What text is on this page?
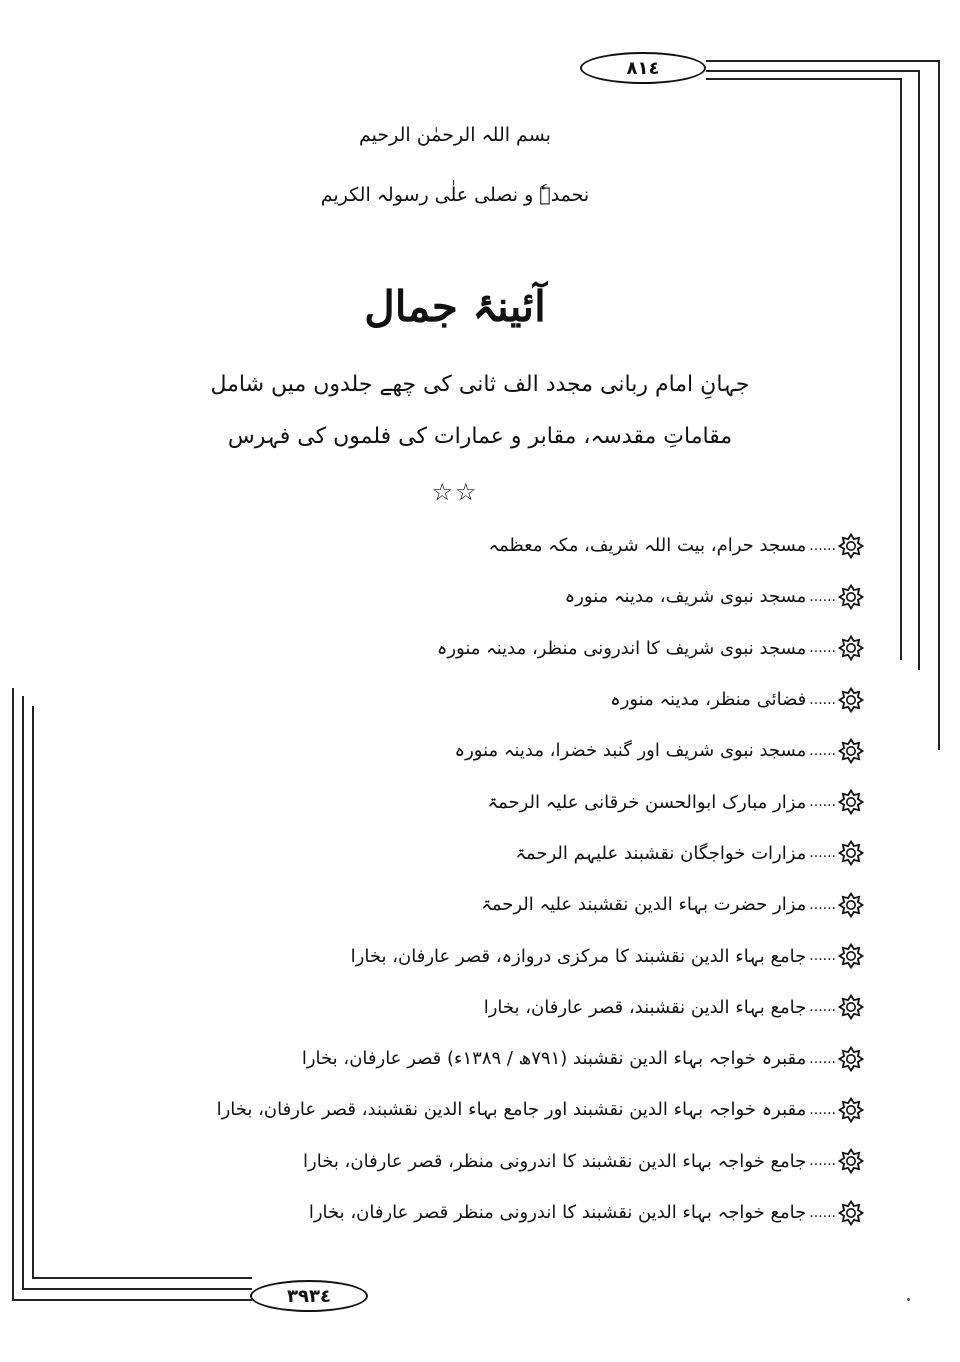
٨١٤
٣٩٣٤
بسم اللہ الرحمٰن الرحیم
نحمدہٗ و نصلی علٰی رسولہ الکریم
آئینۂ جمال
جہانِ امام ربانی مجدد الف ثانی کی چھے جلدوں میں شامل
مقاماتِ مقدسہ، مقابر و عمارات کی فلموں کی فہرس
☆☆
......
مسجد حرام، بیت اللہ شریف، مکہ معظمہ
......
مسجد نبوی شریف، مدینہ منورہ
......
مسجد نبوی شریف کا اندرونی منظر، مدینہ منورہ
......
فضائی منظر، مدینہ منورہ
......
مسجد نبوی شریف اور گنبد خضرا، مدینہ منورہ
......
مزار مبارک ابوالحسن خرقانی علیہ الرحمۃ
......
مزارات خواجگان نقشبند علیہم الرحمۃ
......
مزار حضرت بہاء الدین نقشبند علیہ الرحمۃ
......
جامع بہاء الدین نقشبند کا مرکزی دروازہ، قصر عارفان، بخارا
......
جامع بہاء الدین نقشبند، قصر عارفان، بخارا
......
مقبرہ خواجہ بہاء الدین نقشبند (۷۹۱ھ / ۱۳۸۹ء) قصر عارفان، بخارا
......
مقبرہ خواجہ بہاء الدین نقشبند اور جامع بہاء الدین نقشبند، قصر عارفان، بخارا
......
جامع خواجہ بہاء الدین نقشبند کا اندرونی منظر، قصر عارفان، بخارا
......
جامع خواجہ بہاء الدین نقشبند کا اندرونی منظر قصر عارفان، بخارا
